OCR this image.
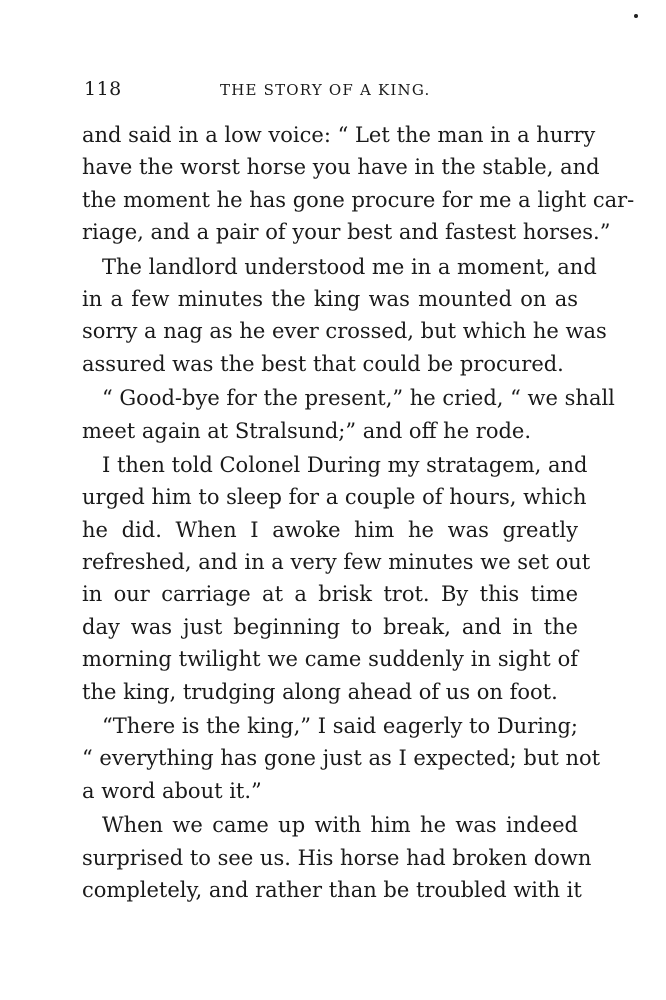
118	THE STORY OF A KING.
and said in a low voice: “ Let the man in a hurry
have the worst horse you have in the stable, and
the moment he has gone procure for me a light car-
riage, and a pair of your best and fastest horses.”
The landlord understood me in a moment, and
in a few minutes the king was mounted on as
sorry a nag as he ever crossed, but which he was
assured was the best that could be procured.
“ Good-bye for the present,” he cried, “ we shall
meet again at Stralsund;” and off he rode.
I then told Colonel During my stratagem, and
urged him to sleep for a couple of hours, which
he did. When I awoke him he was greatly
refreshed, and in a very few minutes we set out
in our carriage at a brisk trot. By this time
day was just beginning to break, and in the
morning twilight we came suddenly in sight of
the king, trudging along ahead of us on foot.
“There is the king,” I said eagerly to During;
“ everything has gone just as I expected; but not
a word about it.”
When we came up with him he was indeed
surprised to see us. His horse had broken down
completely, and rather than be troubled with it
